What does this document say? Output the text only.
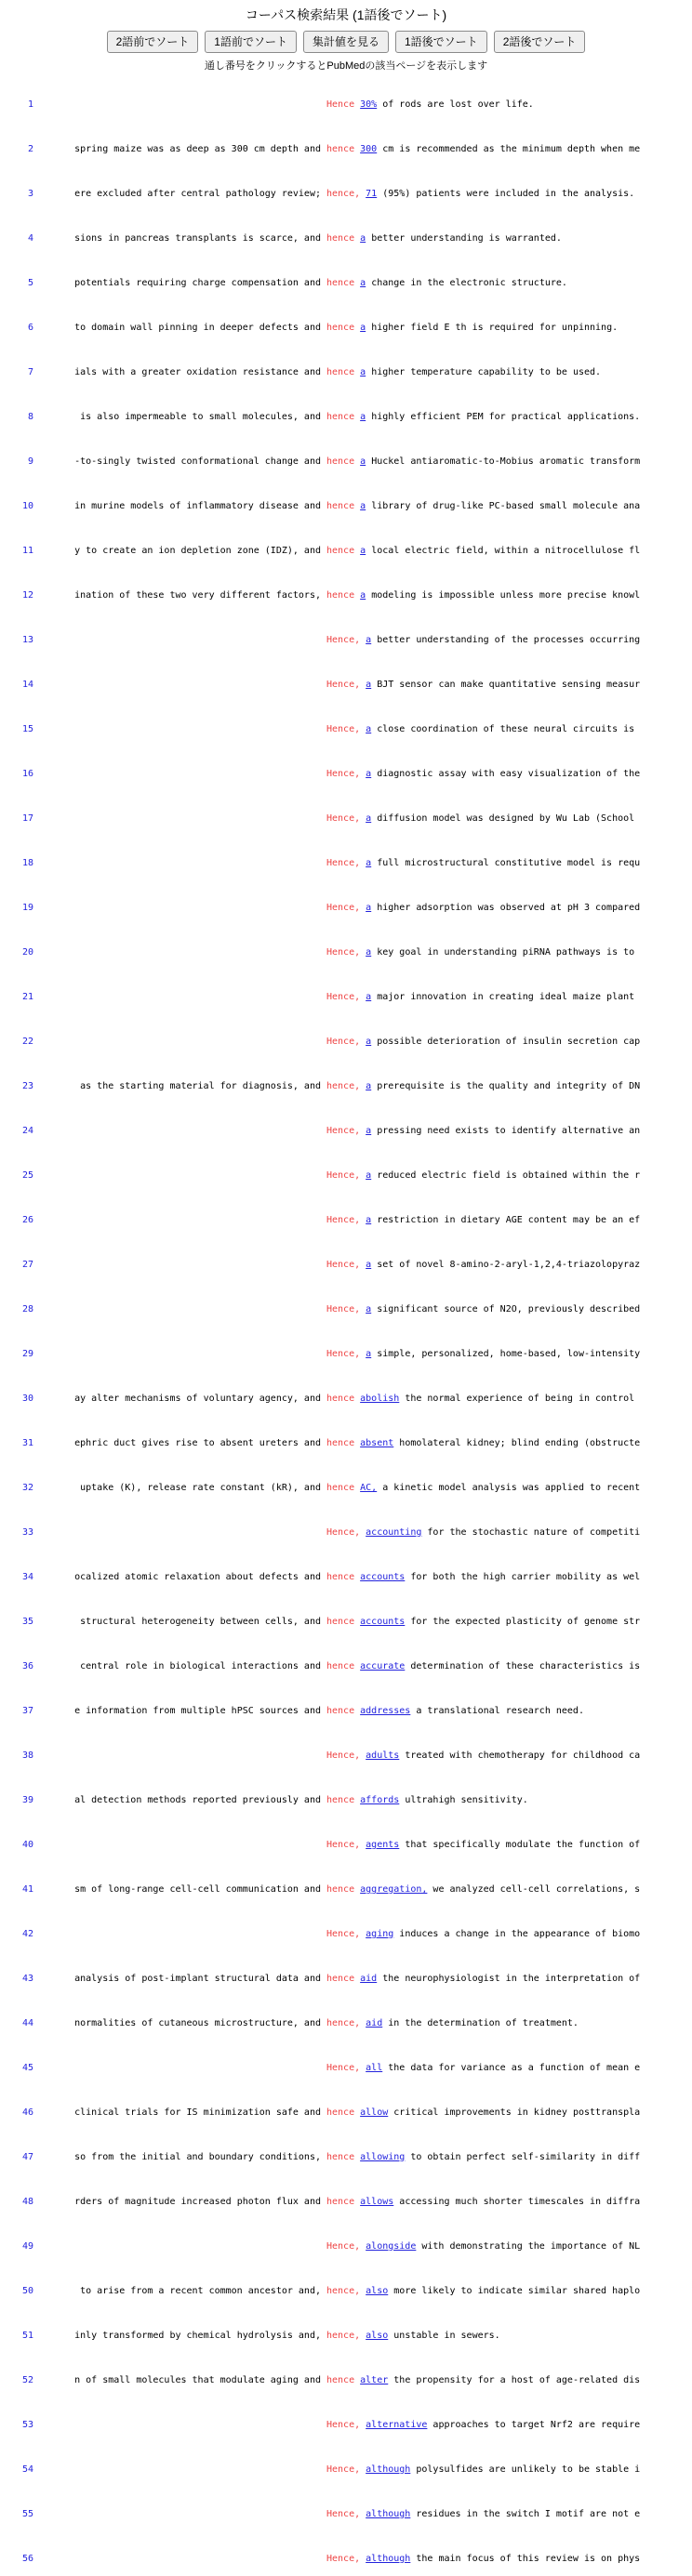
コーパス検索結果 (1語後でソート)
2語前でソート	1語前でソート	集計値を見る	1語後でソート	2語後でソート
通し番号をクリックするとPubMedの該当ページを表示します

1	Hence 30% of rods are lost over life.

2	spring maize was as deep as 300 cm depth and hence 300 cm is recommended as the minimum depth when me

3	ere excluded after central pathology review; hence, 71 (95%) patients were included in the analysis.

4	sions in pancreas transplants is scarce, and hence a better understanding is warranted.

5	potentials requiring charge compensation and hence a change in the electronic structure.

6	to domain wall pinning in deeper defects and hence a higher field E th is required for unpinning.

7	ials with a greater oxidation resistance and hence a higher temperature capability to be used.

8	is also impermeable to small molecules, and hence a highly efficient PEM for practical applications.

9	-to-singly twisted conformational change and hence a Huckel antiaromatic-to-Mobius aromatic transform

10	in murine models of inflammatory disease and hence a library of drug-like PC-based small molecule ana

11	y to create an ion depletion zone (IDZ), and hence a local electric field, within a nitrocellulose fl

12	ination of these two very different factors, hence a modeling is impossible unless more precise knowl

13	Hence, a better understanding of the processes occurring

14	Hence, a BJT sensor can make quantitative sensing measur

15	Hence, a close coordination of these neural circuits is

16	Hence, a diagnostic assay with easy visualization of the

17	Hence, a diffusion model was designed by Wu Lab (School

18	Hence, a full microstructural constitutive model is requ

19	Hence, a higher adsorption was observed at pH 3 compared

20	Hence, a key goal in understanding piRNA pathways is to

21	Hence, a major innovation in creating ideal maize plant

22	Hence, a possible deterioration of insulin secretion cap

23	as the starting material for diagnosis, and hence, a prerequisite is the quality and integrity of DN

24	Hence, a pressing need exists to identify alternative an

25	Hence, a reduced electric field is obtained within the r

26	Hence, a restriction in dietary AGE content may be an ef

27	Hence, a set of novel 8-amino-2-aryl-1,2,4-triazolopyraz

28	Hence, a significant source of N2O, previously described

29	Hence, a simple, personalized, home-based, low-intensity

30	ay alter mechanisms of voluntary agency, and hence abolish the normal experience of being in control

31	ephric duct gives rise to absent ureters and hence absent homolateral kidney; blind ending (obstructe

32	uptake (K), release rate constant (kR), and hence AC, a kinetic model analysis was applied to recent

33	Hence, accounting for the stochastic nature of competiti

34	ocalized atomic relaxation about defects and hence accounts for both the high carrier mobility as wel

35	structural heterogeneity between cells, and hence accounts for the expected plasticity of genome str

36	central role in biological interactions and hence accurate determination of these characteristics is

37	e information from multiple hPSC sources and hence addresses a translational research need.

38	Hence, adults treated with chemotherapy for childhood ca

39	al detection methods reported previously and hence affords ultrahigh sensitivity.

40	Hence, agents that specifically modulate the function of

41	sm of long-range cell-cell communication and hence aggregation, we analyzed cell-cell correlations, s

42	Hence, aging induces a change in the appearance of biomo

43	analysis of post-implant structural data and hence aid the neurophysiologist in the interpretation of

44	normalities of cutaneous microstructure, and hence, aid in the determination of treatment.

45	Hence, all the data for variance as a function of mean e

46	clinical trials for IS minimization safe and hence allow critical improvements in kidney posttranspla

47	so from the initial and boundary conditions, hence allowing to obtain perfect self-similarity in diff

48	rders of magnitude increased photon flux and hence allows accessing much shorter timescales in diffra

49	Hence, alongside with demonstrating the importance of NL

50	to arise from a recent common ancestor and, hence, also more likely to indicate similar shared haplo

51	inly transformed by chemical hydrolysis and, hence, also unstable in sewers.

52	n of small molecules that modulate aging and hence alter the propensity for a host of age-related dis

53	Hence, alternative approaches to target Nrf2 are require

54	Hence, although polysulfides are unlikely to be stable i

55	Hence, although residues in the switch I motif are not e

56	Hence, although the main focus of this review is on phys
